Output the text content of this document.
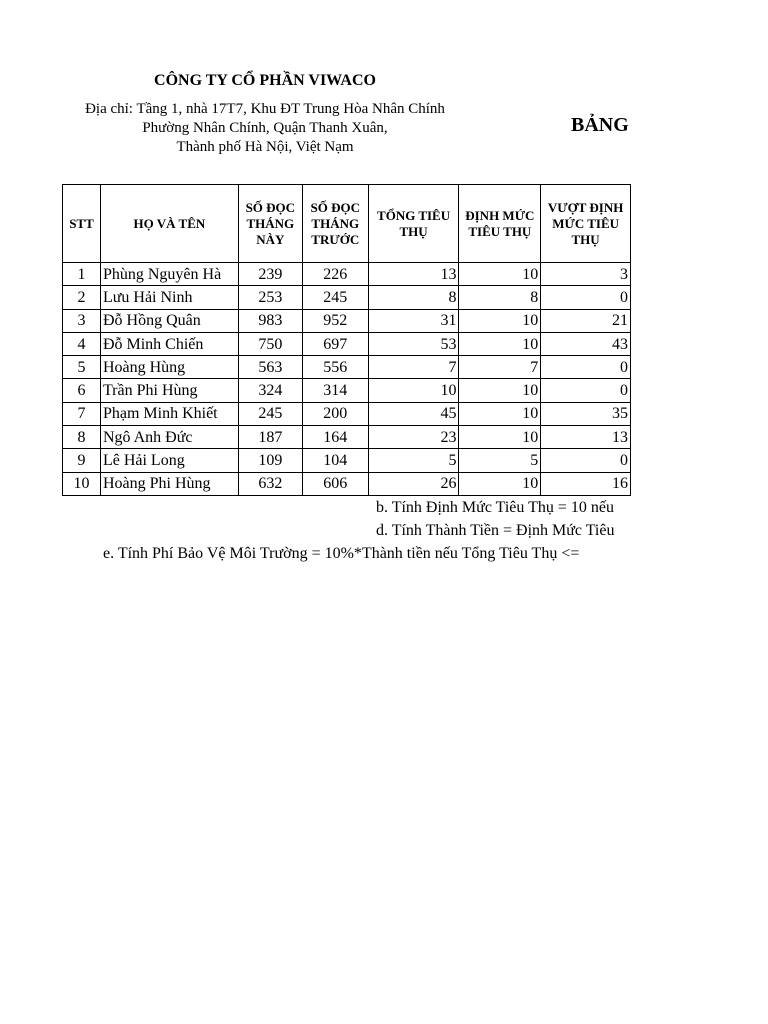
CÔNG TY CỔ PHẦN VIWACO
Địa chỉ: Tầng 1, nhà 17T7, Khu ĐT Trung Hòa Nhân Chính
Phường Nhân Chính, Quận Thanh Xuân,
Thành phố Hà Nội, Việt Nạm
BẢNG
STT	HỌ VÀ TÊN	SỐ ĐỌC THÁNG NÀY	SỐ ĐỌC THÁNG TRƯỚC	TỔNG TIÊU THỤ	ĐỊNH MỨC TIÊU THỤ	VƯỢT ĐỊNH MỨC TIÊU THỤ
1	Phùng Nguyên Hà	239	226	13	10	3
2	Lưu Hải Ninh	253	245	8	8	0
3	Đỗ Hồng Quân	983	952	31	10	21
4	Đỗ Minh Chiến	750	697	53	10	43
5	Hoàng Hùng	563	556	7	7	0
6	Trần Phi Hùng	324	314	10	10	0
7	Phạm Minh Khiết	245	200	45	10	35
8	Ngô Anh Đức	187	164	23	10	13
9	Lê Hải Long	109	104	5	5	0
10	Hoàng Phi Hùng	632	606	26	10	16
b. Tính Định Mức Tiêu Thụ = 10 nếu
d. Tính Thành Tiền = Định Mức Tiêu
e. Tính Phí Bảo Vệ Môi Trường = 10%*Thành tiền nếu Tổng Tiêu Thụ <=
